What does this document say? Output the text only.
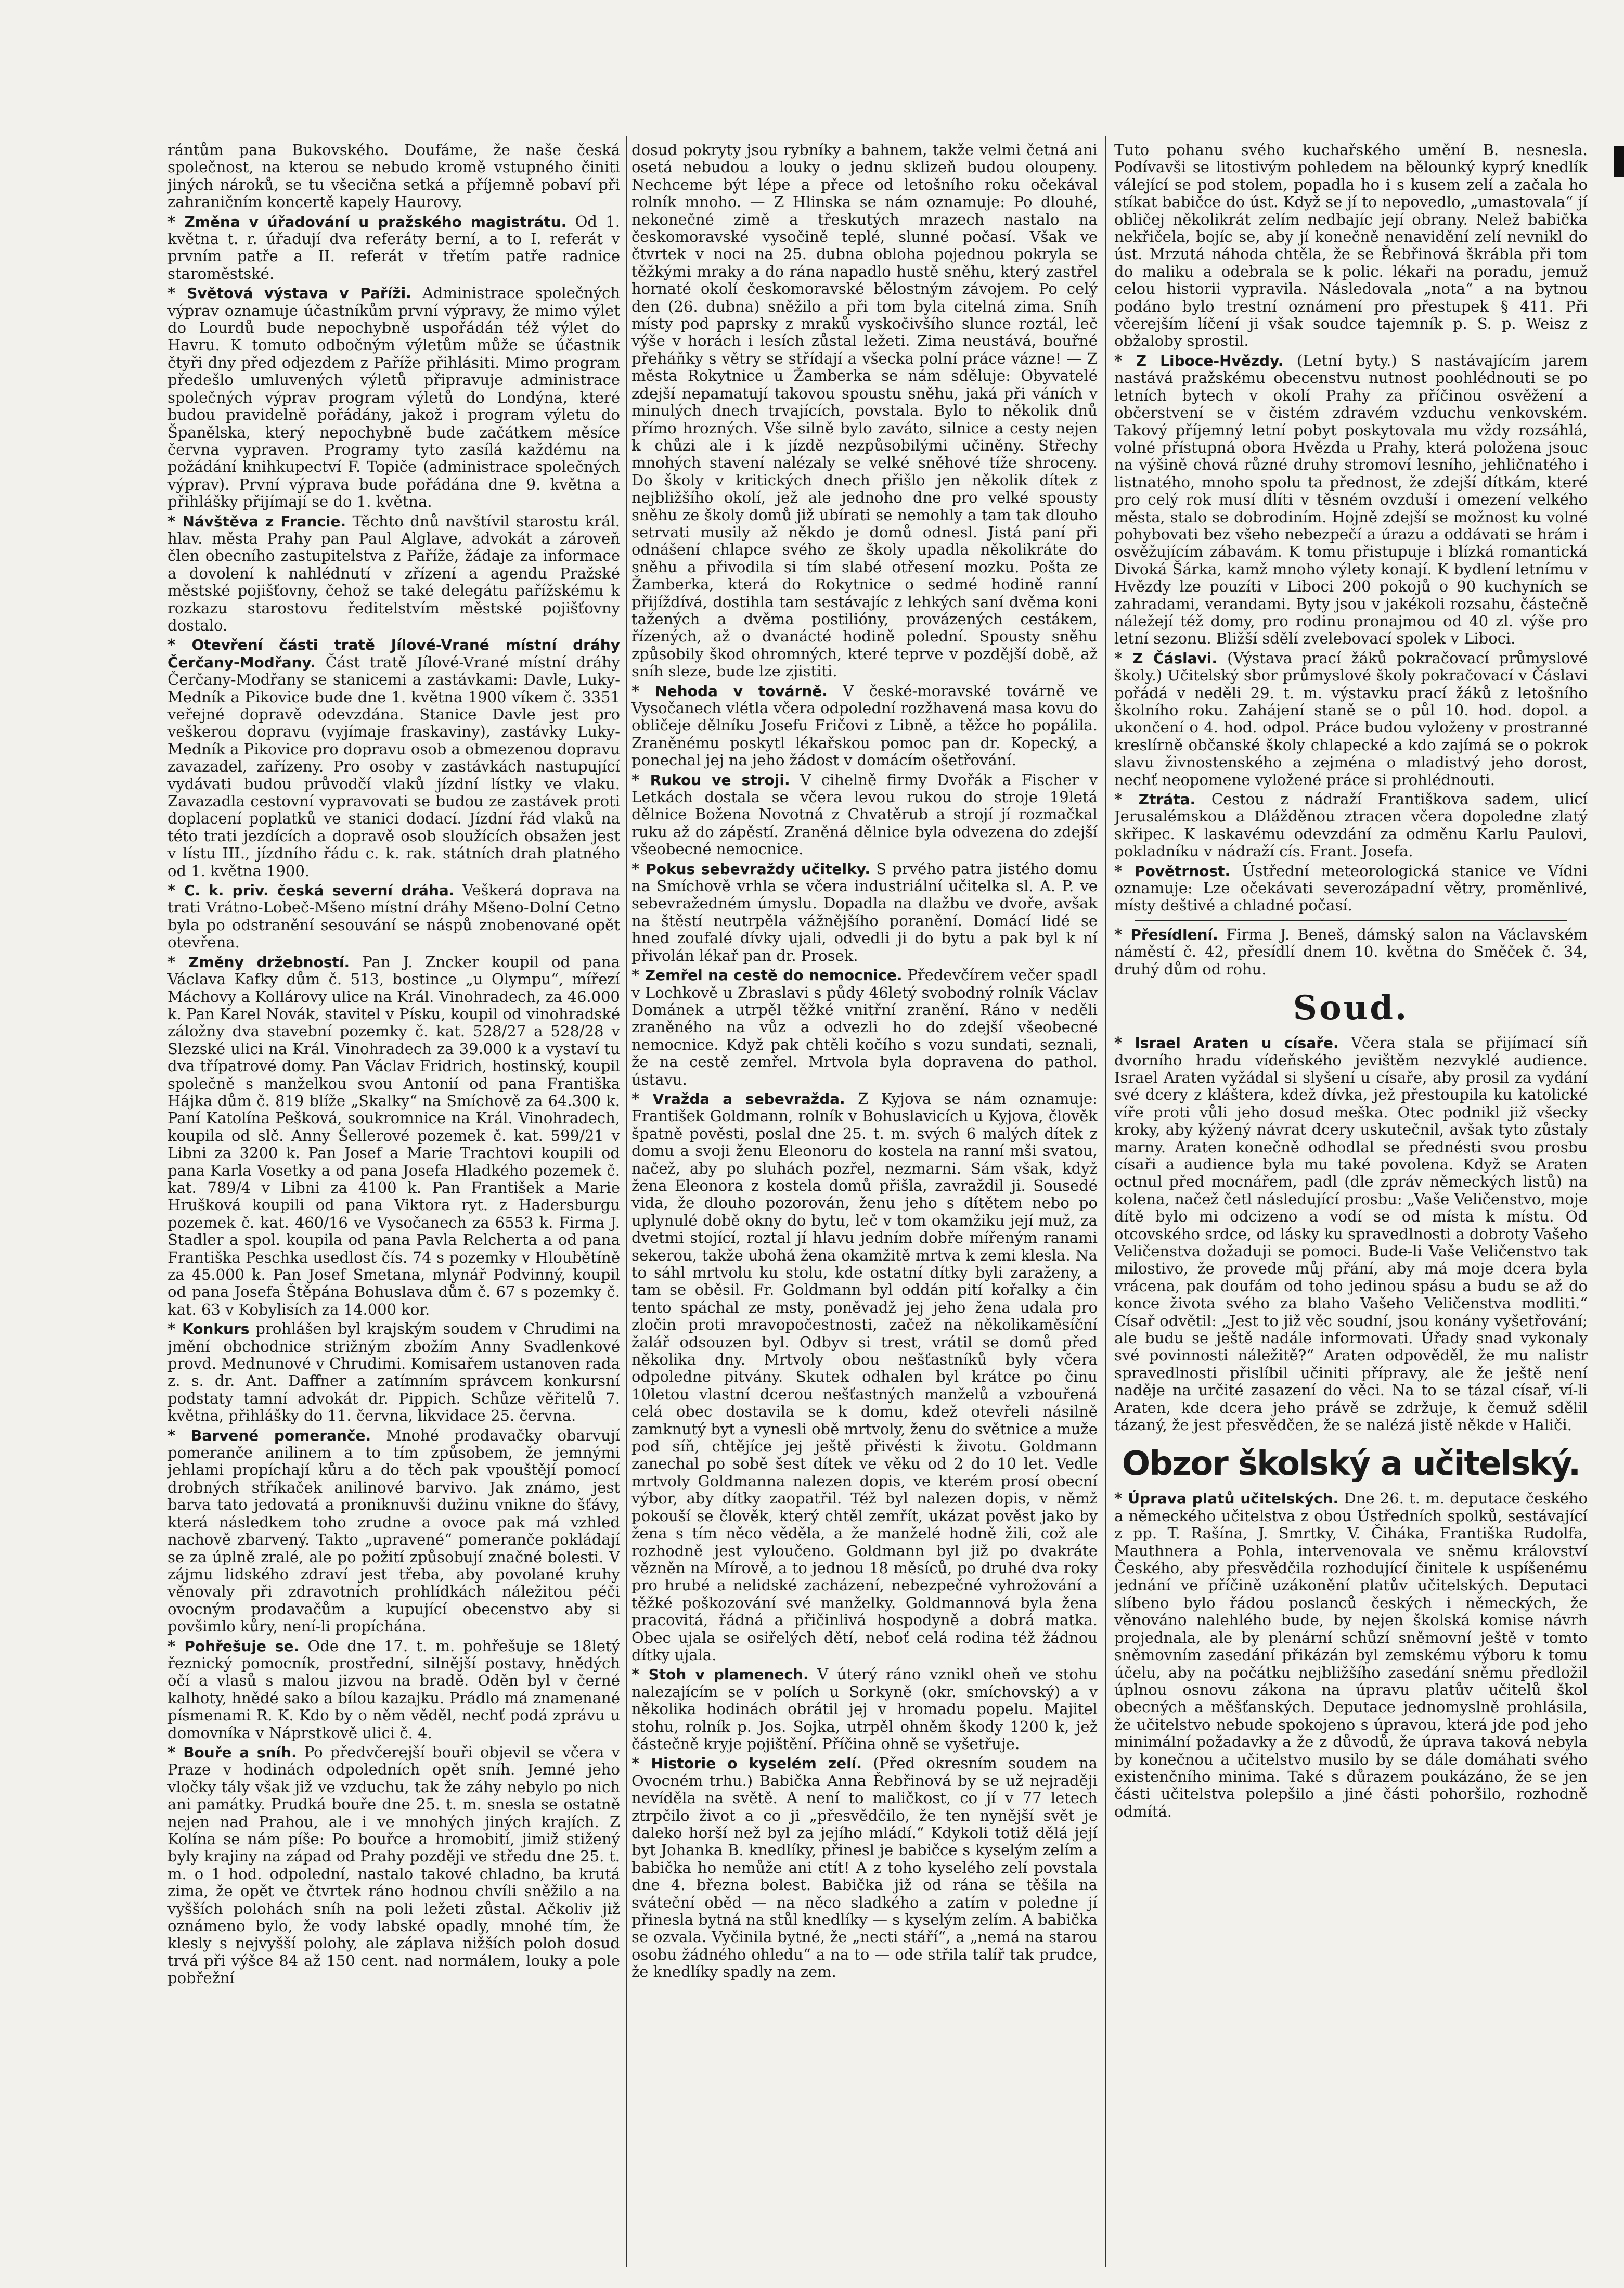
rántům pana Bukovského. Doufáme, že naše česká společnost, na kterou se nebudo kromě vstupného činiti jiných nároků, se tu všecična setká a příjemně pobaví při zahraničním koncertě kapely Haurovy.

* Změna v úřadování u pražského magistrátu. Od 1. května t. r. úřadují dva referáty berní, a to I. referát v prvním patře a II. referát v třetím patře radnice staroměstské.

* Světová výstava v Paříži. Administrace společných výprav oznamuje účastníkům první výpravy, že mimo výlet do Lourdů bude nepochybně uspořádán též výlet do Havru. K tomuto odbočným výletům může se účastnik čtyři dny před odjezdem z Paříže přihlásiti. Mimo program předešlo umluvených výletů připravuje administrace společných výprav program výletů do Londýna, které budou pravidelně pořádány, jakož i program výletu do Španělska, který nepochybně bude začátkem měsíce června vypraven. Programy tyto zasílá každému na požádání knihkupectví F. Topiče (administrace společných výprav). První výprava bude pořádána dne 9. května a přihlášky přijímají se do 1. května.

* Návštěva z Francie. Těchto dnů navštívil starostu král. hlav. města Prahy pan Paul Alglave, advokát a zároveň člen obecního zastupitelstva z Paříže, žádaje za informace a dovolení k nahlédnutí v zřízení a agendu Pražské městské pojišťovny, čehož se také delegátu pařížskému k rozkazu starostovu ředitelstvím městské pojišťovny dostalo.

* Otevření části tratě Jílové-Vrané místní dráhy Čerčany-Modřany. Část tratě Jílové-Vrané místní dráhy Čerčany-Modřany se stanicemi a zastávkami: Davle, Luky-Medník a Pikovice bude dne 1. května 1900 víkem č. 3351 veřejné dopravě odevzdána. Stanice Davle jest pro veškerou dopravu (vyjímaje fraskaviny), zastávky Luky-Medník a Pikovice pro dopravu osob a obmezenou dopravu zavazadel, zařízeny. Pro osoby v zastávkách nastupující vydávati budou průvodčí vlaků jízdní lístky ve vlaku. Zavazadla cestovní vypravovati se budou ze zastávek proti doplacení poplatků ve stanici dodací. Jízdní řád vlaků na této trati jezdících a dopravě osob sloužících obsažen jest v lístu III., jízdního řádu c. k. rak. státních drah platného od 1. května 1900.

* C. k. priv. česká severní dráha. Veškerá doprava na trati Vrátno-Lobeč-Mšeno místní dráhy Mšeno-Dolní Cetno byla po odstranění sesouvání se náspů znobenované opět otevřena.

* Změny držebností. Pan J. Zncker koupil od pana Václava Kafky dům č. 513, bostince „u Olympu“, mířezí Máchovy a Kollárovy ulice na Král. Vinohradech, za 46.000 k. Pan Karel Novák, stavitel v Písku, koupil od vinohradské záložny dva stavební pozemky č. kat. 528/27 a 528/28 v Slezské ulici na Král. Vinohradech za 39.000 k a vystaví tu dva třípatrové domy. Pan Václav Fridrich, hostinský, koupil společně s manželkou svou Antonií od pana Františka Hájka dům č. 819 blíže „Skalky“ na Smíchově za 64.300 k. Paní Katolína Pešková, soukromnice na Král. Vinohradech, koupila od slč. Anny Šellerové pozemek č. kat. 599/21 v Libni za 3200 k. Pan Josef a Marie Trachtovi koupili od pana Karla Vosetky a od pana Josefa Hladkého pozemek č. kat. 789/4 v Libni za 4100 k. Pan František a Marie Hrušková koupili od pana Viktora ryt. z Hadersburgu pozemek č. kat. 460/16 ve Vysočanech za 6553 k. Firma J. Stadler a spol. koupila od pana Pavla Relcherta a od pana Františka Peschka usedlost čís. 74 s pozemky v Hloubětíně za 45.000 k. Pan Josef Smetana, mlynář Podvinný, koupil od pana Josefa Štěpána Bohuslava dům č. 67 s pozemky č. kat. 63 v Kobylisích za 14.000 kor.

* Konkurs prohlášen byl krajským soudem v Chrudimi na jmění obchodnice strižným zbožím Anny Svadlenkové provd. Mednunové v Chrudimi. Komisařem ustanoven rada z. s. dr. Ant. Daffner a zatímním správcem konkursní podstaty tamní advokát dr. Pippich. Schůze věřitelů 7. května, přihlášky do 11. června, likvidace 25. června.

* Barvené pomeranče. Mnohé prodavačky obarvují pomeranče anilinem a to tím způsobem, že jemnými jehlami propíchají kůru a do těch pak vpouštějí pomocí drobných stříkaček anilinové barvivo. Jak známo, jest barva tato jedovatá a proniknuvši dužinu vnikne do šťávy, která následkem toho zrudne a ovoce pak má vzhled nachově zbarvený. Takto „upravené“ pomeranče pokládají se za úplně zralé, ale po požití způsobují značné bolesti. V zájmu lidského zdraví jest třeba, aby povolané kruhy věnovaly při zdravotních prohlídkách náležitou péči ovocným prodavačům a kupující obecenstvo aby si povšimlo kůry, není-li propíchána.

* Pohřešuje se. Ode dne 17. t. m. pohřešuje se 18letý řeznický pomocník, prostřední, silnější postavy, hnědých očí a vlasů s malou jizvou na bradě. Oděn byl v černé kalhoty, hnědé sako a bílou kazajku. Prádlo má znamenané písmenami R. K. Kdo by o něm věděl, nechť podá zprávu u domovníka v Náprstkově ulici č. 4.

* Bouře a sníh. Po předvčerejší bouři objevil se včera v Praze v hodinách odpoledních opět sníh. Jemné jeho vločky tály však již ve vzduchu, tak že záhy nebylo po nich ani památky. Prudká bouře dne 25. t. m. snesla se ostatně nejen nad Prahou, ale i ve mnohých jiných krajích. Z Kolína se nám píše: Po bouřce a hromobití, jimiž stižený byly krajiny na západ od Prahy později ve středu dne 25. t. m. o 1 hod. odpolední, nastalo takové chladno, ba krutá zima, že opět ve čtvrtek ráno hodnou chvíli sněžilo a na vyšších polohách sníh na poli ležeti zůstal. Ačkoliv již oznámeno bylo, že vody labské opadly, mnohé tím, že klesly s nejvyšší polohy, ale záplava nižších poloh dosud trvá při výšce 84 až 150 cent. nad normálem, louky a pole pobřežní

dosud pokryty jsou rybníky a bahnem, takže velmi četná ani osetá nebudou a louky o jednu sklizeň budou oloupeny. Nechceme být lépe a přece od letošního roku očekával rolník mnoho. — Z Hlinska se nám oznamuje: Po dlouhé, nekonečné zimě a třeskutých mrazech nastalo na českomoravské vysočině teplé, slunné počasí. Však ve čtvrtek v noci na 25. dubna obloha pojednou pokryla se těžkými mraky a do rána napadlo hustě sněhu, který zastřel hornaté okolí českomoravské bělostným závojem. Po celý den (26. dubna) sněžilo a při tom byla citelná zima. Sníh místy pod paprsky z mraků vyskočivšího slunce roztál, leč výše v horách i lesích zůstal ležeti. Zima neustává, bouřné přeháňky s větry se střídají a všecka polní práce vázne! — Z města Rokytnice u Žamberka se nám sděluje: Obyvatelé zdejší nepamatují takovou spoustu sněhu, jaká při váních v minulých dnech trvajících, povstala. Bylo to několik dnů přímo hrozných. Vše silně bylo zaváto, silnice a cesty nejen k chůzi ale i k jízdě nezpůsobilými učiněny. Střechy mnohých stavení nalézaly se velké sněhové tíže shroceny. Do školy v kritických dnech přišlo jen několik dítek z nejbližšího okolí, jež ale jednoho dne pro velké spousty sněhu ze školy domů již ubírati se nemohly a tam tak dlouho setrvati musily až někdo je domů odnesl. Jistá paní při odnášení chlapce svého ze školy upadla několikráte do sněhu a přivodila si tím slabé otřesení mozku. Pošta ze Žamberka, která do Rokytnice o sedmé hodině ranní přijíždívá, dostihla tam sestávajíc z lehkých saní dvěma koni tažených a dvěma postilióny, provázených cestákem, řízených, až o dvanácté hodině polední. Spousty sněhu způsobily škod ohromných, které teprve v pozdější době, až sníh sleze, bude lze zjistiti.

* Nehoda v továrně. V české-moravské továrně ve Vysočanech vlétla včera odpolední rozžhavená masa kovu do obličeje dělníku Josefu Fričovi z Libně, a těžce ho popálila. Zraněnému poskytl lékařskou pomoc pan dr. Kopecký, a ponechal jej na jeho žádost v domácím ošetřování.

* Rukou ve stroji. V cihelně firmy Dvořák a Fischer v Letkách dostala se včera levou rukou do stroje 19letá dělnice Božena Novotná z Chvatěrub a strojí jí rozmačkal ruku až do zápěstí. Zraněná dělnice byla odvezena do zdejší všeobecné nemocnice.

* Pokus sebevraždy učitelky. S prvého patra jistého domu na Smíchově vrhla se včera industriální učitelka sl. A. P. ve sebevražedném úmyslu. Dopadla na dlažbu ve dvoře, avšak na štěstí neutrpěla vážnějšího poranění. Domácí lidé se hned zoufalé dívky ujali, odvedli ji do bytu a pak byl k ní přivolán lékař pan dr. Prosek.

* Zemřel na cestě do nemocnice. Předevčírem večer spadl v Lochkově u Zbraslavi s půdy 46letý svobodný rolník Václav Dománek a utrpěl těžké vnitřní zranění. Ráno v neděli zraněného na vůz a odvezli ho do zdejší všeobecné nemocnice. Když pak chtěli kočího s vozu sundati, seznali, že na cestě zemřel. Mrtvola byla dopravena do pathol. ústavu.

* Vražda a sebevražda. Z Kyjova se nám oznamuje: František Goldmann, rolník v Bohuslavicích u Kyjova, člověk špatně pověsti, poslal dne 25. t. m. svých 6 malých dítek z domu a svoji ženu Eleonoru do kostela na ranní mši svatou, načež, aby po sluhách pozřel, nezmarni. Sám však, když žena Eleonora z kostela domů přišla, zavraždil ji. Sousedé vida, že dlouho pozorován, ženu jeho s dítětem nebo po uplynulé době okny do bytu, leč v tom okamžiku její muž, za dvetmi stojící, roztal jí hlavu jedním dobře mířeným ranami sekerou, takže ubohá žena okamžitě mrtva k zemi klesla. Na to sáhl mrtvolu ku stolu, kde ostatní dítky byli zaraženy, a tam se oběsil. Fr. Goldmann byl oddán pití kořalky a čin tento spáchal ze msty, poněvadž jej jeho žena udala pro zločin proti mravopočestnosti, začež na několikaměsíční žalář odsouzen byl. Odbyv si trest, vrátil se domů před několika dny. Mrtvoly obou nešťastníků byly včera odpoledne pitvány. Skutek odhalen byl krátce po činu 10letou vlastní dcerou nešťastných manželů a vzbouřená celá obec dostavila se k domu, kdež otevřeli násilně zamknutý byt a vynesli obě mrtvoly, ženu do světnice a muže pod síň, chtějíce jej ještě přivésti k životu. Goldmann zanechal po sobě šest dítek ve věku od 2 do 10 let. Vedle mrtvoly Goldmanna nalezen dopis, ve kterém prosí obecní výbor, aby dítky zaopatřil. Též byl nalezen dopis, v němž pokouší se člověk, který chtěl zemřít, ukázat pověst jako by žena s tím něco věděla, a že manželé hodně žili, což ale rozhodně jest vyloučeno. Goldmann byl již po dvakráte vězněn na Mírově, a to jednou 18 měsíců, po druhé dva roky pro hrubé a nelidské zacházení, nebezpečné vyhrožování a těžké poškozování své manželky. Goldmannová byla žena pracovitá, řádná a přičinlivá hospodyně a dobrá matka. Obec ujala se osiřelých dětí, neboť celá rodina též žádnou dítky ujala.

* Stoh v plamenech. V úterý ráno vznikl oheň ve stohu nalezajícím se v polích u Sorkyně (okr. smíchovský) a v několika hodinách obrátil jej v hromadu popelu. Majitel stohu, rolník p. Jos. Sojka, utrpěl ohněm škody 1200 k, jež částečně kryje pojištění. Příčina ohně se vyšetřuje.

* Historie o kyselém zelí. (Před okresním soudem na Ovocném trhu.) Babička Anna Řebřinová by se už nejraději nevíděla na světě. A není to maličkost, co jí v 77 letech ztrpčilo život a co ji „přesvědčilo, že ten nynější svět je daleko horší než byl za jejího mládí.“ Kdykoli totiž dělá její byt Johanka B. knedlíky, přinesl je babičce s kyselým zelím a babička ho nemůže ani ctít! A z toho kyselého zelí povstala dne 4. března bolest. Babička již od rána se těšila na sváteční oběd — na něco sladkého a zatím v poledne jí přinesla bytná na stůl knedlíky — s kyselým zelím. A babička se ozvala. Vyčinila bytné, že „necti stáří“, a „nemá na starou osobu žádného ohledu“ a na to — ode střila talíř tak prudce, že knedlíky spadly na zem.

Tuto pohanu svého kuchařského umění B. nesnesla. Podívavši se litostivým pohledem na bělounký kyprý knedlík válející se pod stolem, popadla ho i s kusem zelí a začala ho stíkat babičce do úst. Když se jí to nepovedlo, „umastovala“ jí obličej několikrát zelím nedbajíc její obrany. Nelež babička nekřičela, bojíc se, aby jí konečně nenavidění zelí nevnikl do úst. Mrzutá náhoda chtěla, že se Řebřinová škrábla při tom do maliku a odebrala se k polic. lékaři na poradu, jemuž celou historii vypravila. Následovala „nota“ a na bytnou podáno bylo trestní oznámení pro přestupek § 411. Při včerejším líčení ji však soudce tajemník p. S. p. Weisz z obžaloby sprostil.

* Z Liboce-Hvězdy. (Letní byty.) S nastávajícím jarem nastává pražskému obecenstvu nutnost poohlédnouti se po letních bytech v okolí Prahy za příčinou osvěžení a občerstvení se v čistém zdravém vzduchu venkovském. Takový příjemný letní pobyt poskytovala mu vždy rozsáhlá, volné přístupná obora Hvězda u Prahy, která položena jsouc na výšině chová různé druhy stromoví lesního, jehličnatého i listnatého, mnoho spolu ta přednost, že zdejší dítkám, které pro celý rok musí dlíti v těsném ovzduší i omezení velkého města, stalo se dobrodiním. Hojně zdejší se možnost ku volné pohybovati bez všeho nebezpečí a úrazu a oddávati se hrám i osvěžujícím zábavám. K tomu přistupuje i blízká romantická Divoká Šárka, kamž mnoho výlety konají. K bydlení letnímu v Hvězdy lze pouzíti v Liboci 200 pokojů o 90 kuchyních se zahradami, verandami. Byty jsou v jakékoli rozsahu, částečně náležejí též domy, pro rodinu pronajmou od 40 zl. výše pro letní sezonu. Bližší sdělí zvelebovací spolek v Liboci.

* Z Čáslavi. (Výstava prací žáků pokračovací průmyslové školy.) Učitelský sbor průmyslové školy pokračovací v Čáslavi pořádá v neděli 29. t. m. výstavku prací žáků z letošního školního roku. Zahájení staně se o půl 10. hod. dopol. a ukončení o 4. hod. odpol. Práce budou vyloženy v prostranné kreslírně občanské školy chlapecké a kdo zajímá se o pokrok slavu živnostenského a zejména o mladistvý jeho dorost, nechť neopomene vyložené práce si prohlédnouti.

* Ztráta. Cestou z nádraží Františkova sadem, ulicí Jerusalémskou a Dlážděnou ztracen včera dopoledne zlatý skřipec. K laskavému odevzdání za odměnu Karlu Paulovi, pokladníku v nádraží cís. Frant. Josefa.

* Povětrnost. Ústřední meteorologická stanice ve Vídni oznamuje: Lze očekávati severozápadní větry, proměnlivé, místy deštivé a chladné počasí.

* Přesídlení. Firma J. Beneš, dámský salon na Václavském náměstí č. 42, přesídlí dnem 10. května do Směček č. 34, druhý dům od rohu.

Soud.

* Israel Araten u císaře. Včera stala se přijímací síň dvorního hradu vídeňského jevištěm nezvyklé audience. Israel Araten vyžádal si slyšení u císaře, aby prosil za vydání své dcery z kláštera, kdež dívka, jež přestoupila ku katolické víře proti vůli jeho dosud meška. Otec podnikl již všecky kroky, aby kýžený návrat dcery uskutečnil, avšak tyto zůstaly marny. Araten konečně odhodlal se přednésti svou prosbu císaři a audience byla mu také povolena. Když se Araten octnul před mocnářem, padl (dle zpráv německých listů) na kolena, načež četl následující prosbu: „Vaše Veličenstvo, moje dítě bylo mi odcizeno a vodí se od místa k místu. Od otcovského srdce, od lásky ku spravedlnosti a dobroty Vašeho Veličenstva dožaduji se pomoci. Bude-li Vaše Veličenstvo tak milostivo, že provede můj přání, aby má moje dcera byla vrácena, pak doufám od toho jedinou spásu a budu se až do konce života svého za blaho Vašeho Veličenstva modliti.“ Císař odvětil: „Jest to již věc soudní, jsou konány vyšetřování; ale budu se ještě nadále informovati. Úřady snad vykonaly své povinnosti náležitě?“ Araten odpověděl, že mu nalistr spravedlnosti přislíbil učiniti přípravy, ale že ještě není naděje na určité zasazení do věci. Na to se tázal císař, ví-li Araten, kde dcera jeho právě se zdržuje, k čemuž sdělil tázaný, že jest přesvědčen, že se nalézá jistě někde v Haliči.

Obzor školský a učitelský.

* Úprava platů učitelských. Dne 26. t. m. deputace českého a německého učitelstva z obou Ústředních spolků, sestávající z pp. T. Rašína, J. Smrtky, V. Čiháka, Františka Rudolfa, Mauthnera a Pohla, intervenovala ve sněmu království Českého, aby přesvědčila rozhodující činitele k uspíšenému jednání ve příčině uzákonění platův učitelských. Deputaci slíbeno bylo řádou poslanců českých i německých, že věnováno nalehlého bude, by nejen školská komise návrh projednala, ale by plenární schůzí sněmovní ještě v tomto sněmovním zasedání přikázán byl zemskému výboru k tomu účelu, aby na počátku nejbližšího zasedání sněmu předložil úplnou osnovu zákona na úpravu platův učitelů škol obecných a měšťanských. Deputace jednomyslně prohlásila, že učitelstvo nebude spokojeno s úpravou, která jde pod jeho minimální požadavky a že z důvodů, že úprava taková nebyla by konečnou a učitelstvo musilo by se dále domáhati svého existenčního minima. Také s důrazem poukázáno, že se jen části učitelstva polepšilo a jiné části pohoršilo, rozhodně odmítá.
